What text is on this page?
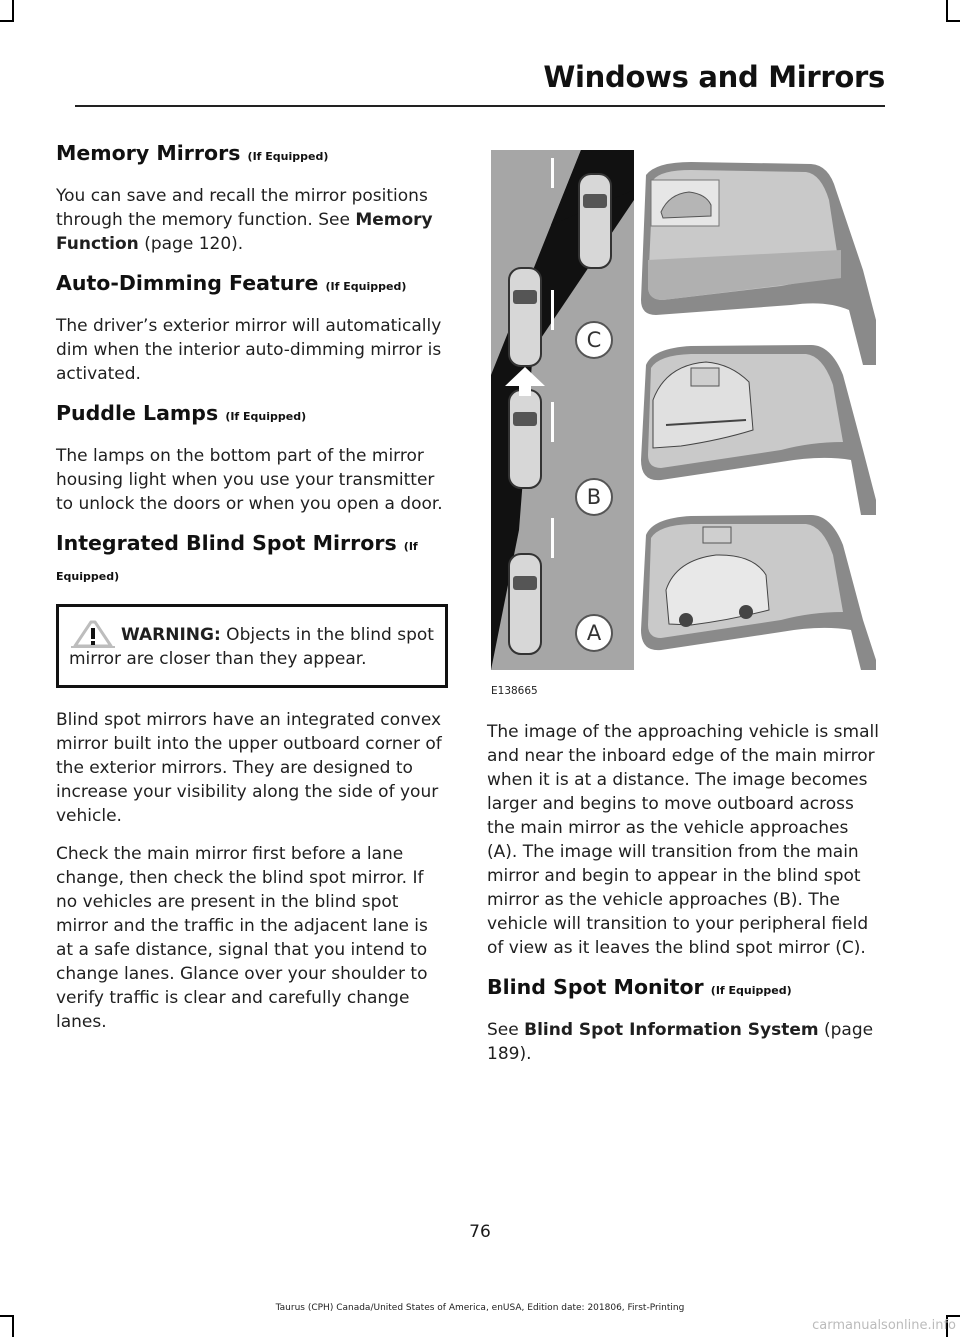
Windows and Mirrors
Memory Mirrors (If Equipped)

You can save and recall the mirror positions through the memory function. See Memory Function (page 120).

Auto-Dimming Feature (If Equipped)

The driver’s exterior mirror will automatically dim when the interior auto-dimming mirror is activated.

Puddle Lamps (If Equipped)

The lamps on the bottom part of the mirror housing light when you use your transmitter to unlock the doors or when you open a door.

Integrated Blind Spot Mirrors (If Equipped)

WARNING: Objects in the blind spot mirror are closer than they appear.

Blind spot mirrors have an integrated convex mirror built into the upper outboard corner of the exterior mirrors. They are designed to increase your visibility along the side of your vehicle.

Check the main mirror first before a lane change, then check the blind spot mirror. If no vehicles are present in the blind spot mirror and the traffic in the adjacent lane is at a safe distance, signal that you intend to change lanes. Glance over your shoulder to verify traffic is clear and carefully change lanes.

C
B
A
E138665

The image of the approaching vehicle is small and near the inboard edge of the main mirror when it is at a distance. The image becomes larger and begins to move outboard across the main mirror as the vehicle approaches (A). The image will transition from the main mirror and begin to appear in the blind spot mirror as the vehicle approaches (B). The vehicle will transition to your peripheral field of view as it leaves the blind spot mirror (C).

Blind Spot Monitor (If Equipped)

See Blind Spot Information System (page 189).

76
Taurus (CPH) Canada/United States of America, enUSA, Edition date: 201806, First-Printing
carmanualsonline.info
